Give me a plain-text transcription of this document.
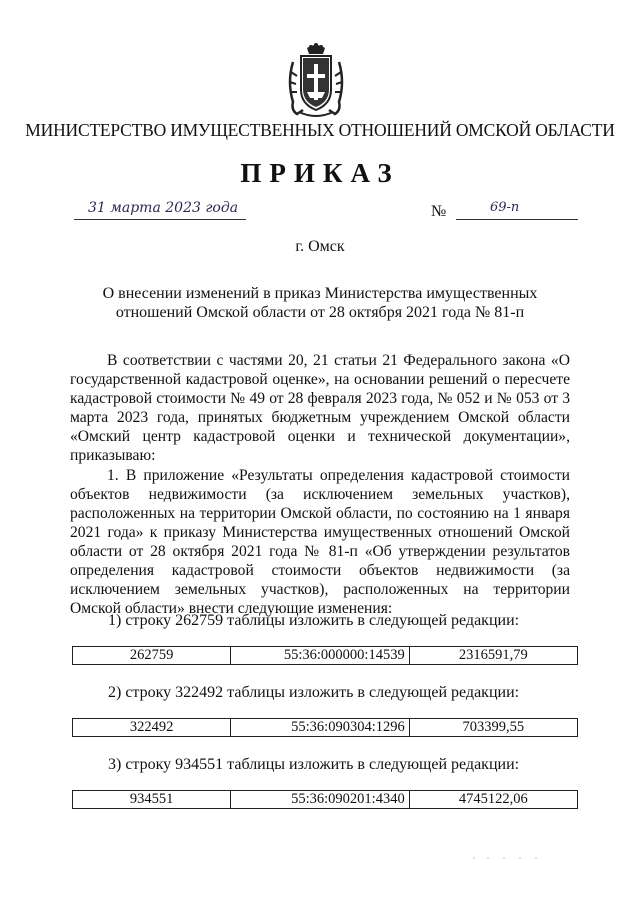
МИНИСТЕРСТВО ИМУЩЕСТВЕННЫХ ОТНОШЕНИЙ ОМСКОЙ ОБЛАСТИ
ПРИКАЗ
31 марта 2023 года	№	69-п
г. Омск
О внесении изменений в приказ Министерства имущественных отношений Омской области от 28 октября 2021 года № 81-п

В соответствии с частями 20, 21 статьи 21 Федерального закона «О государственной кадастровой оценке», на основании решений о пересчете кадастровой стоимости № 49 от 28 февраля 2023 года, № 052 и № 053 от 3 марта 2023 года, принятых бюджетным учреждением Омской области «Омский центр кадастровой оценки и технической документации», приказываю:

1. В приложение «Результаты определения кадастровой стоимости объектов недвижимости (за исключением земельных участков), расположенных на территории Омской области, по состоянию на 1 января 2021 года» к приказу Министерства имущественных отношений Омской области от 28 октября 2021 года № 81-п «Об утверждении результатов определения кадастровой стоимости объектов недвижимости (за исключением земельных участков), расположенных на территории Омской области» внести следующие изменения:

1) строку 262759 таблицы изложить в следующей редакции:
262759	55:36:000000:14539	2316591,79
2) строку 322492 таблицы изложить в следующей редакции:
322492	55:36:090304:1296	703399,55
3) строку 934551 таблицы изложить в следующей редакции:
934551	55:36:090201:4340	4745122,06
